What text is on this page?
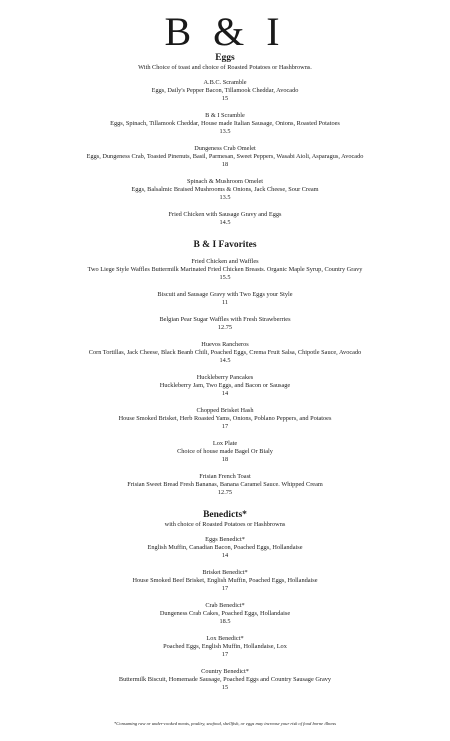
B & I
Eggs
With Choice of toast and choice of Roasted Potatoes or Hashbrowns.
A.B.C. Scramble
Eggs, Daily's Pepper Bacon, Tillamook Cheddar, Avocado
15
B & I Scramble
Eggs, Spinach, Tillamook Cheddar, House made Italian Sausage, Onions, Roasted Potatoes
13.5
Dungeness Crab Omelet
Eggs, Dungeness Crab, Toasted Pinenuts, Basil, Parmesan, Sweet Peppers, Wasabi Aioli, Asparagus, Avocado
18
Spinach & Mushroom Omelet
Eggs, Balsalmic Braised Mushrooms & Onions, Jack Cheese, Sour Cream
13.5
Fried Chicken with Sausage Gravy and Eggs
14.5
B & I Favorites
Fried Chicken and Waffles
Two Liege Style Waffles Buttermilk Marinated Fried Chicken Breasts. Organic Maple Syrup, Country Gravy
15.5
Biscuit and Sausage Gravy with Two Eggs your Style
11
Belgian Pear Sugar Waffles with Fresh Strawberries
12.75
Huevos Rancheros
Corn Tortillas, Jack Cheese, Black Beanb Chili, Poached Eggs, Crema Fruit Salsa, Chipotle Sauce, Avocado
14.5
Huckleberry Pancakes
Huckleberry Jam, Two Eggs, and Bacon or Sausage
14
Chopped Brisket Hash
House Smoked Brisket, Herb Roasted Yams, Onions, Poblano Peppers, and Potatoes
17
Lox Plate
Choice of house made Bagel Or Bialy
18
Frisian French Toast
Frisian Sweet Bread Fresh Bananas, Banana Caramel Sauce. Whipped Cream
12.75
Benedicts*
with choice of Roasted Potatoes or Hashbrowns
Eggs Benedict*
English Muffin, Canadian Bacon, Poached Eggs, Hollandaise
14
Brisket Benedict*
House Smoked Beef Brisket, English Muffin, Poached Eggs, Hollandaise
17
Crab Benedict*
Dungeness Crab Cakes, Poached Eggs, Hollandaise
18.5
Lox Benedict*
Poached Eggs, English Muffin, Hollandaise, Lox
17
Country Benedict*
Buttermilk Biscuit, Homemade Sausage, Poached Eggs and Country Sausage Gravy
15
*Consuming raw or under-cooked meats, poultry, seafood, shellfish, or eggs may increase your risk of food borne illness
